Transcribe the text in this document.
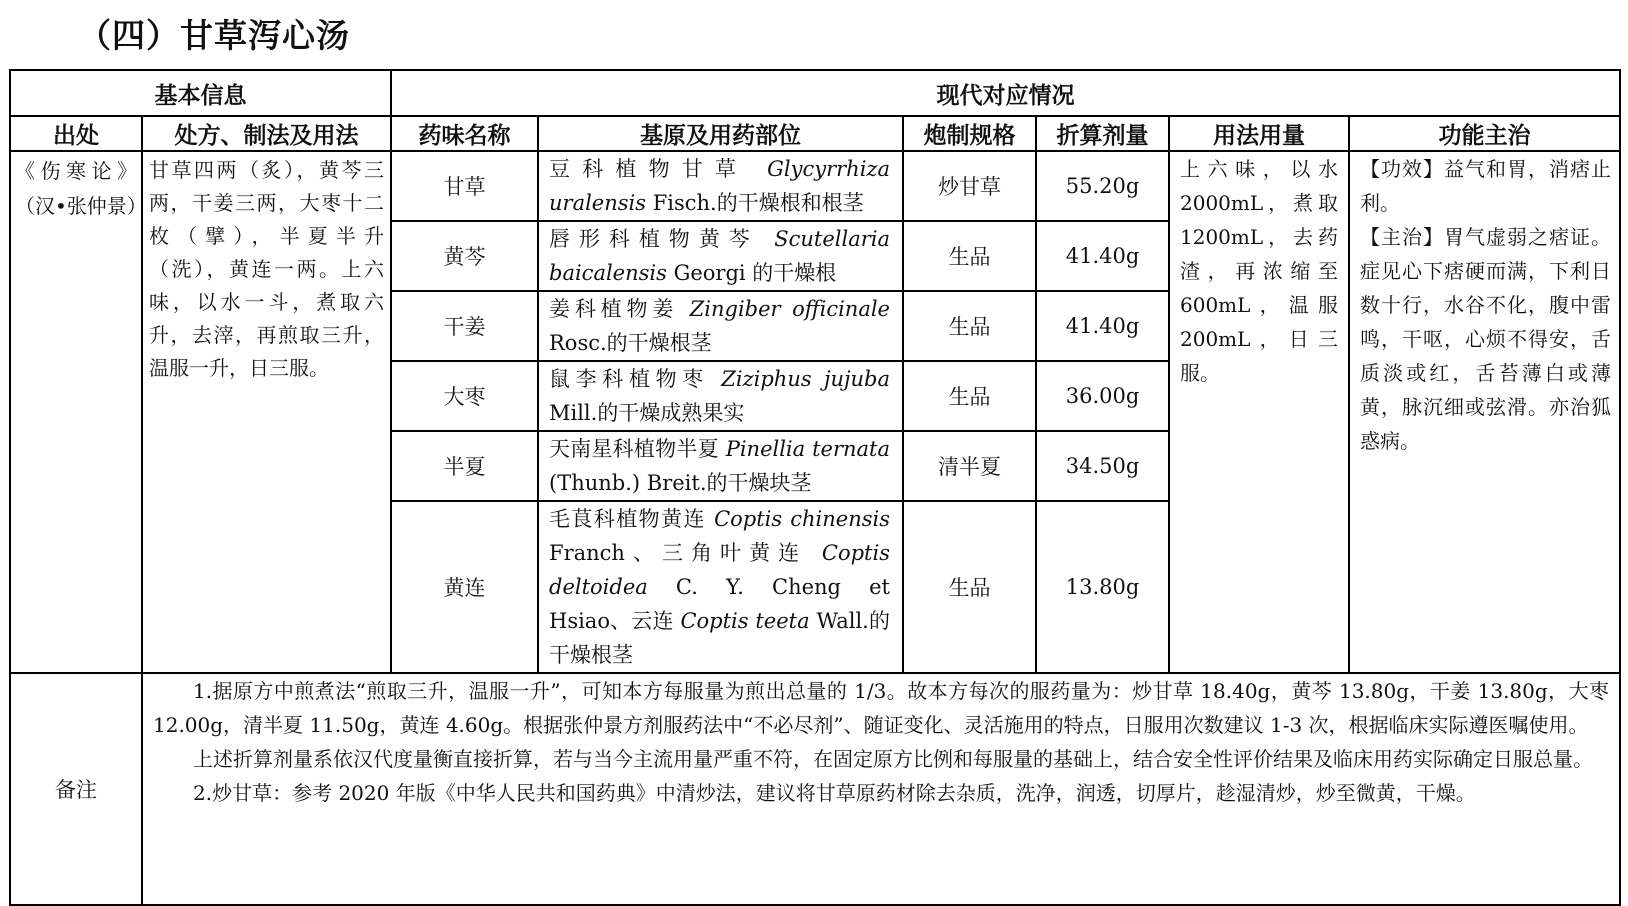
（四）甘草泻心汤
基本信息		现代对应情况					
出处	处方、制法及用法	药味名称	基原及用药部位	炮制规格	折算剂量	用法用量	功能主治
《伤寒论》（汉•张仲景）	甘草四两（炙），黄芩三两，干姜三两，大枣十二枚（擘），半夏半升（洗），黄连一两。上六味，以水一斗，煮取六升，去滓，再煎取三升，温服一升，日三服。	甘草	豆科植物甘草 Glycyrrhiza uralensis Fisch.的干燥根和根茎	炒甘草	55.20g	上六味，以水2000mL，煮取1200mL，去药渣，再浓缩至600mL，温服200mL，日三服。	【功效】益气和胃，消痞止利。
【主治】胃气虚弱之痞证。症见心下痞硬而满，下利日数十行，水谷不化，腹中雷鸣，干呕，心烦不得安，舌质淡或红，舌苔薄白或薄黄，脉沉细或弦滑。亦治狐惑病。
		黄芩	唇形科植物黄芩 Scutellaria baicalensis Georgi 的干燥根	生品	41.40g		
		干姜	姜科植物姜 Zingiber officinale Rosc.的干燥根茎	生品	41.40g		
		大枣	鼠李科植物枣 Ziziphus jujuba Mill.的干燥成熟果实	生品	36.00g		
		半夏	天南星科植物半夏 Pinellia ternata (Thunb.) Breit.的干燥块茎	清半夏	34.50g		
		黄连	毛茛科植物黄连 Coptis chinensis Franch、三角叶黄连 Coptis deltoidea C. Y. Cheng et Hsiao、云连 Coptis teeta Wall.的干燥根茎	生品	13.80g		
备注	1.据原方中煎煮法“煎取三升，温服一升”，可知本方每服量为煎出总量的 1/3。故本方每次的服药量为：炒甘草 18.40g，黄芩 13.80g，干姜 13.80g，大枣 12.00g，清半夏 11.50g，黄连 4.60g。根据张仲景方剂服药法中“不必尽剂”、随证变化、灵活施用的特点，日服用次数建议 1-3 次，根据临床实际遵医嘱使用。

上述折算剂量系依汉代度量衡直接折算，若与当今主流用量严重不符，在固定原方比例和每服量的基础上，结合安全性评价结果及临床用药实际确定日服总量。

2.炒甘草：参考 2020 年版《中华人民共和国药典》中清炒法，建议将甘草原药材除去杂质，洗净，润透，切厚片，趁湿清炒，炒至微黄，干燥。						
